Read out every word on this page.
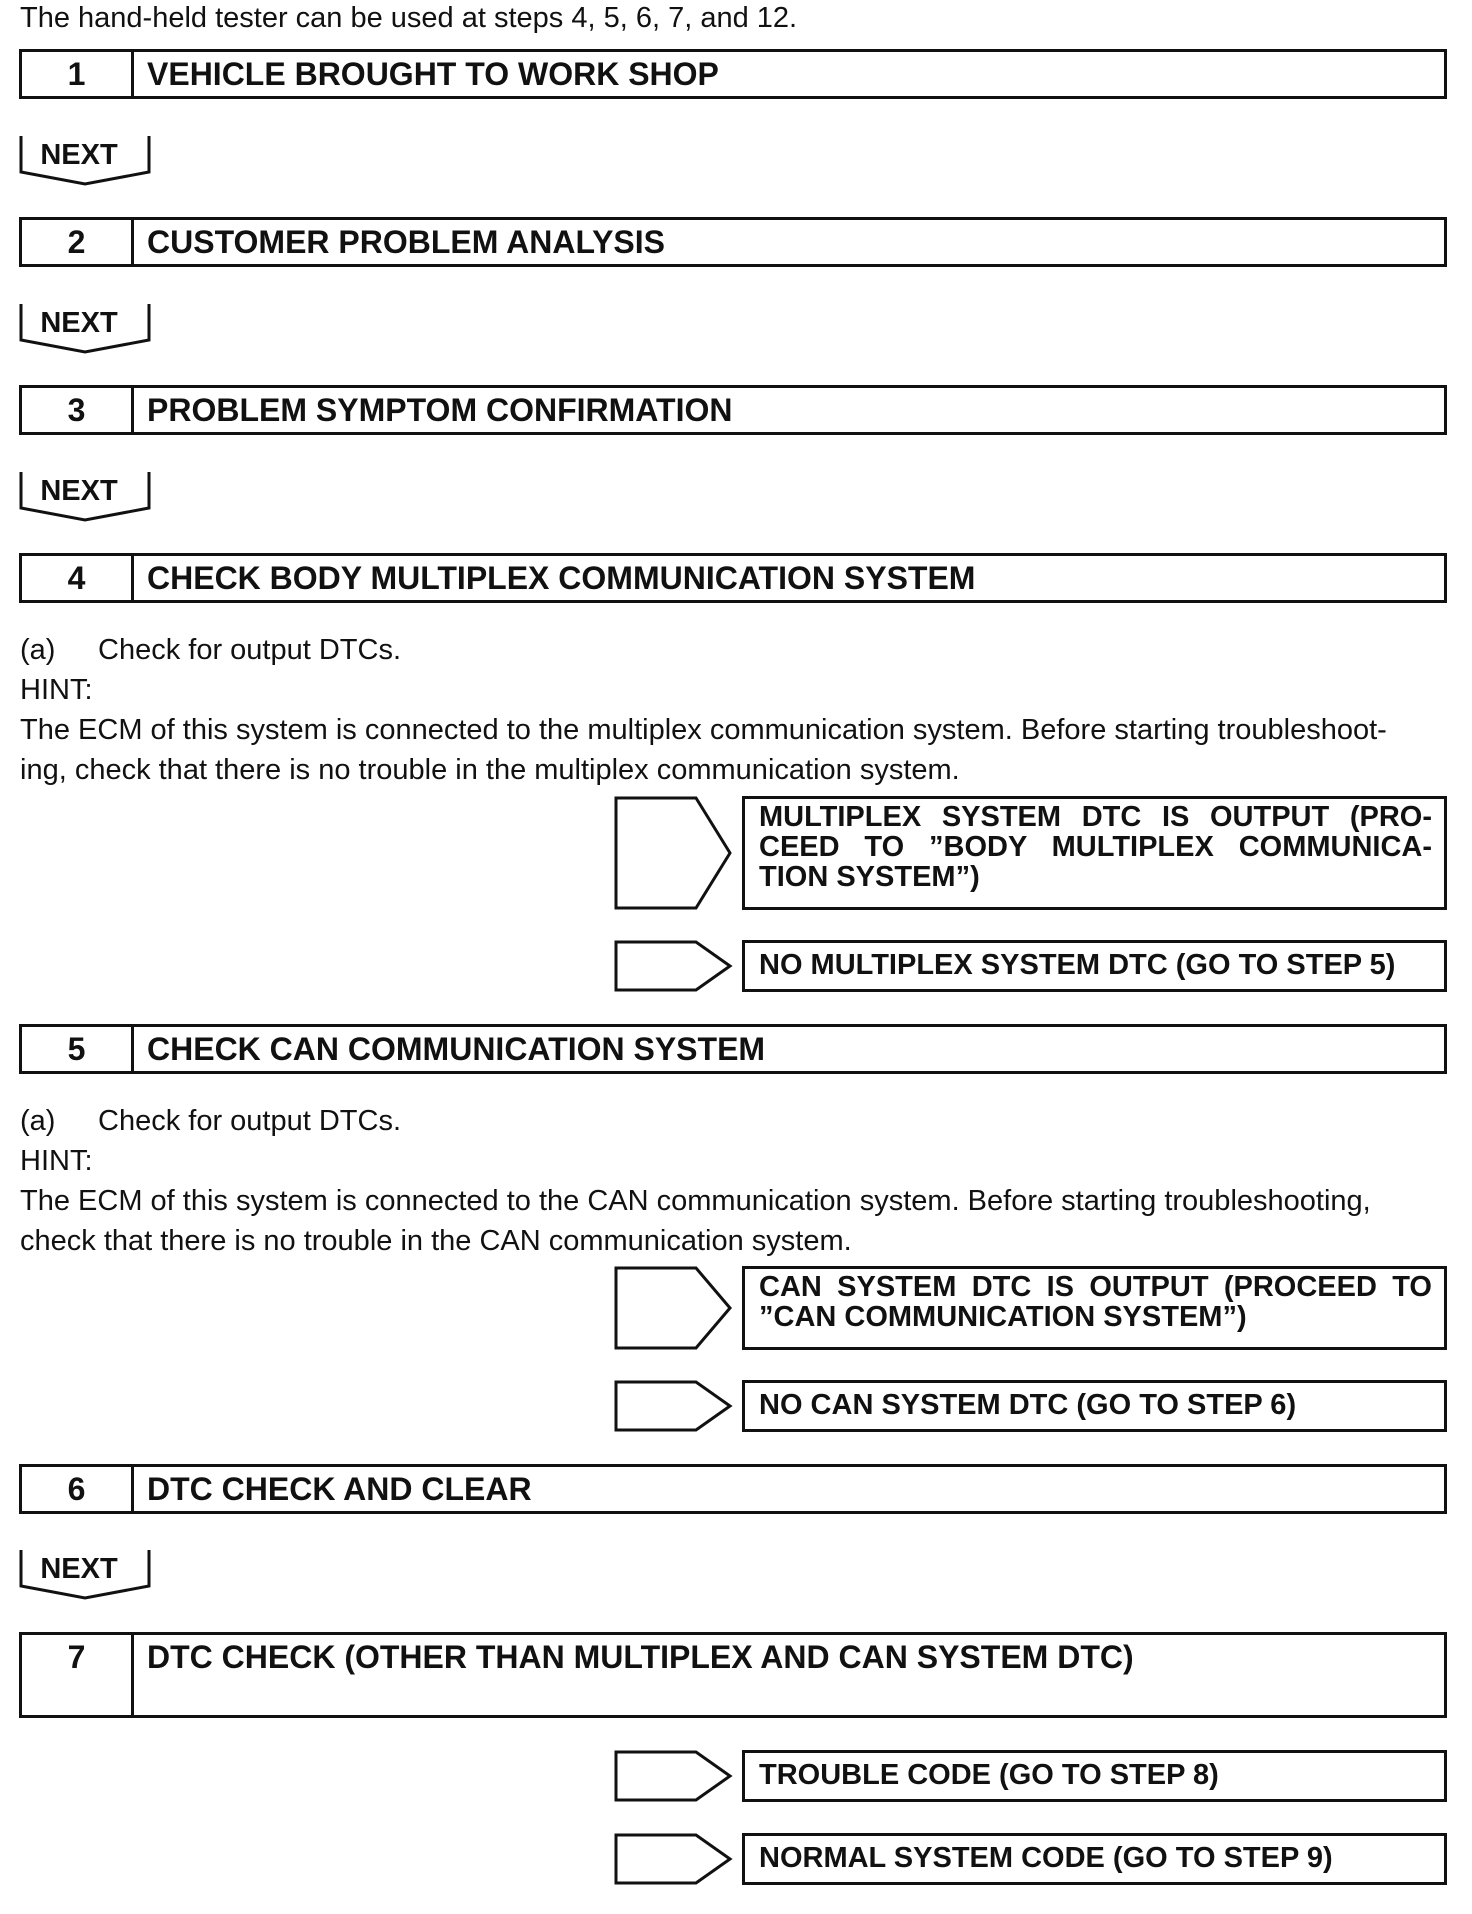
The hand-held tester can be used at steps 4, 5, 6, 7, and 12.
1	VEHICLE BROUGHT TO WORK SHOP
NEXT
2	CUSTOMER PROBLEM ANALYSIS
NEXT
3	PROBLEM SYMPTOM CONFIRMATION
NEXT
4	CHECK BODY MULTIPLEX COMMUNICATION SYSTEM
(a) Check for output DTCs.
HINT:
The ECM of this system is connected to the multiplex communication system. Before starting troubleshoot-
ing, check that there is no trouble in the multiplex communication system.
MULTIPLEX SYSTEM DTC IS OUTPUT (PRO- CEED TO ”BODY MULTIPLEX COMMUNICA- TION SYSTEM”)
NO MULTIPLEX SYSTEM DTC (GO TO STEP 5)
5	CHECK CAN COMMUNICATION SYSTEM
(a) Check for output DTCs.
HINT:
The ECM of this system is connected to the CAN communication system. Before starting troubleshooting,
check that there is no trouble in the CAN communication system.
CAN SYSTEM DTC IS OUTPUT (PROCEED TO ”CAN COMMUNICATION SYSTEM”)
NO CAN SYSTEM DTC (GO TO STEP 6)
6	DTC CHECK AND CLEAR
NEXT
7	DTC CHECK (OTHER THAN MULTIPLEX AND CAN SYSTEM DTC)
TROUBLE CODE (GO TO STEP 8)
NORMAL SYSTEM CODE (GO TO STEP 9)
